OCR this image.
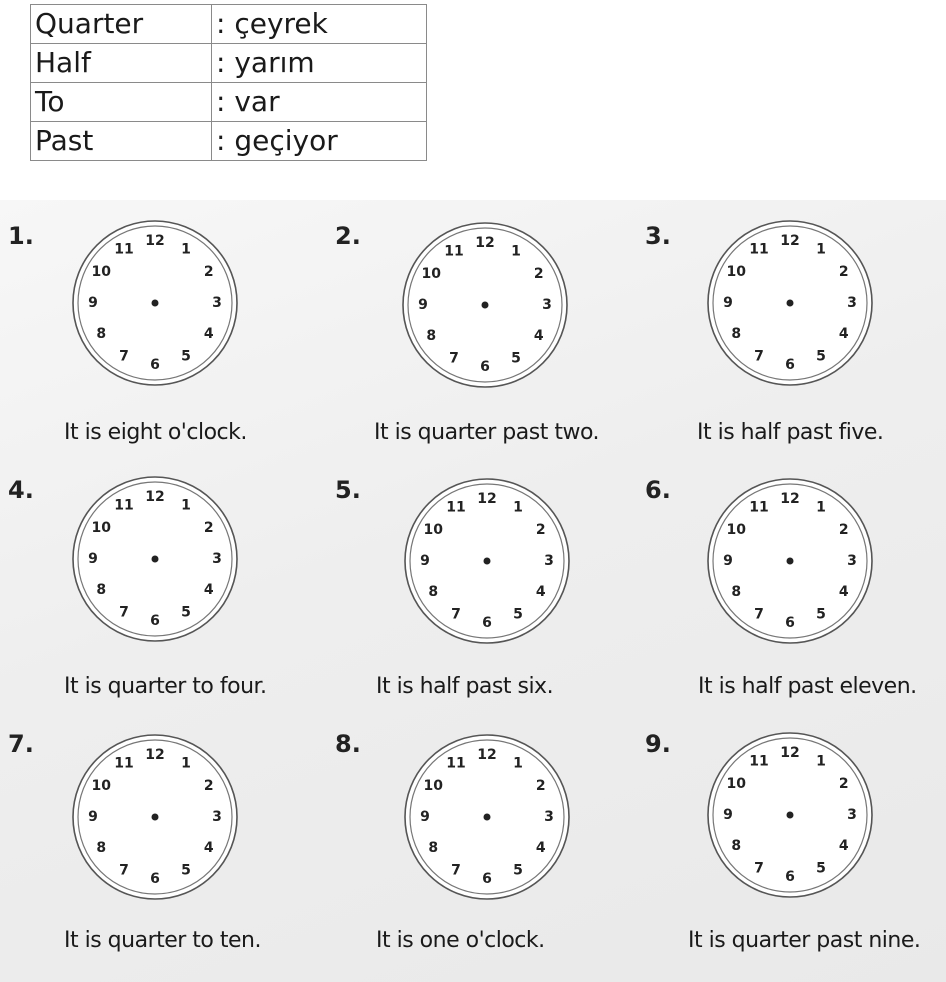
Quarter	: çeyrek
Half	: yarım
To	: var
Past	: geçiyor
1.	12
1
2
3
4
5
6
7
8
9
10
11
It is eight o'clock.
2.	12
1
2
3
4
5
6
7
8
9
10
11
It is quarter past two.
3.	12
1
2
3
4
5
6
7
8
9
10
11
It is half past five.
4.	12
1
2
3
4
5
6
7
8
9
10
11
It is quarter to four.
5.	12
1
2
3
4
5
6
7
8
9
10
11
It is half past six.
6.	12
1
2
3
4
5
6
7
8
9
10
11
It is half past eleven.
7.	12
1
2
3
4
5
6
7
8
9
10
11
It is quarter to ten.
8.	12
1
2
3
4
5
6
7
8
9
10
11
It is one o'clock.
9.	12
1
2
3
4
5
6
7
8
9
10
11
It is quarter past nine.
